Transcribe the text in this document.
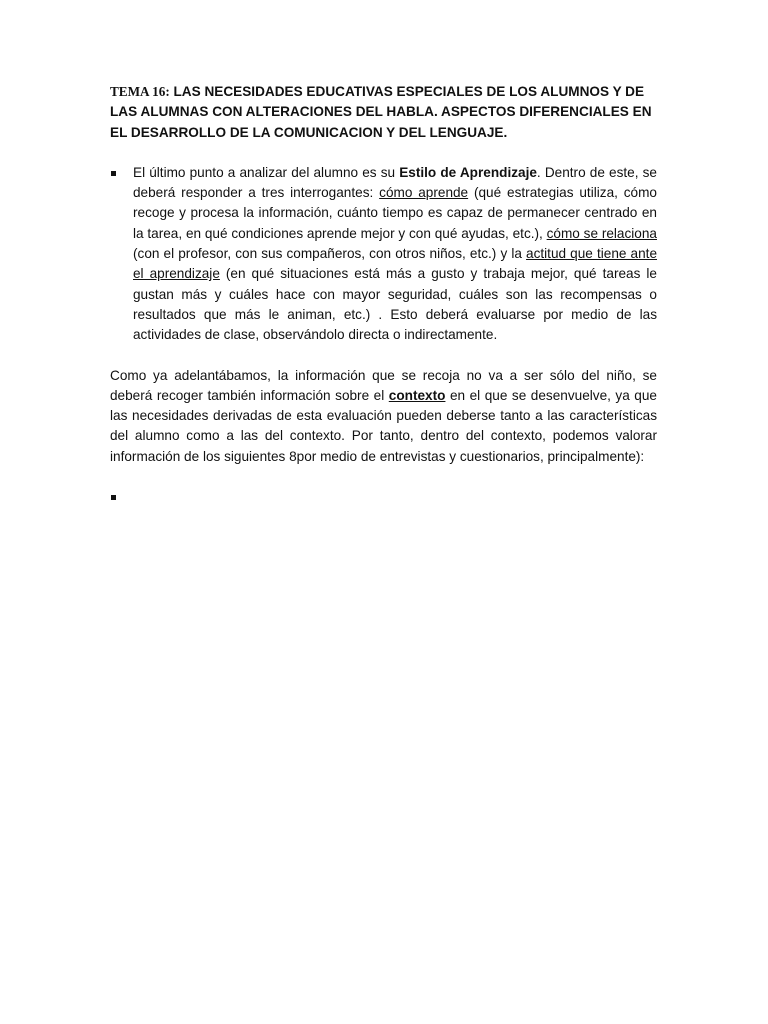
TEMA 16: LAS NECESIDADES EDUCATIVAS ESPECIALES DE LOS ALUMNOS Y DE LAS ALUMNAS CON ALTERACIONES DEL HABLA. ASPECTOS DIFERENCIALES EN EL DESARROLLO DE LA COMUNICACION Y DEL LENGUAJE.

El último punto a analizar del alumno es su Estilo de Aprendizaje. Dentro de este, se deberá responder a tres interrogantes: cómo aprende (qué estrategias utiliza, cómo recoge y procesa la información, cuánto tiempo es capaz de permanecer centrado en la tarea, en qué condiciones aprende mejor y con qué ayudas, etc.), cómo se relaciona (con el profesor, con sus compañeros, con otros niños, etc.) y la actitud que tiene ante el aprendizaje (en qué situaciones está más a gusto y trabaja mejor, qué tareas le gustan más y cuáles hace con mayor seguridad, cuáles son las recompensas o resultados que más le animan, etc.) . Esto deberá evaluarse por medio de las actividades de clase, observándolo directa o indirectamente.

Como ya adelantábamos, la información que se recoja no va a ser sólo del niño, se deberá recoger también información sobre el contexto en el que se desenvuelve, ya que las necesidades derivadas de esta evaluación pueden deberse tanto a las características del alumno como a las del contexto. Por tanto, dentro del contexto, podemos valorar información de los siguientes 8por medio de entrevistas y cuestionarios, principalmente):
